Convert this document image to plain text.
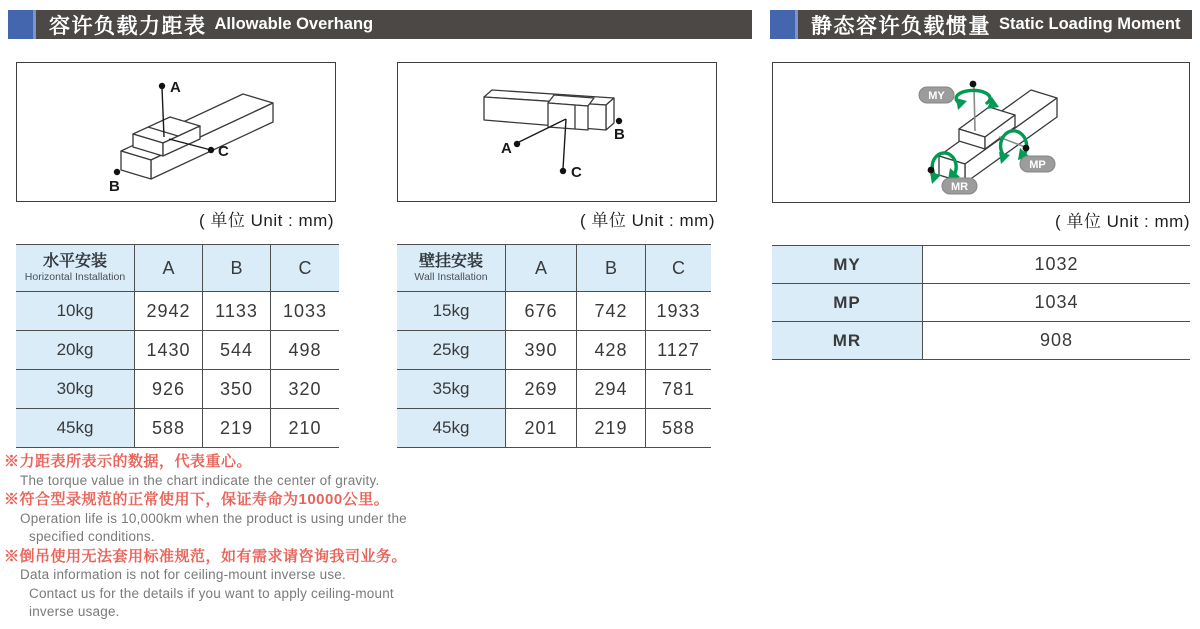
容许负载力距表 Allowable Overhang
A
C
B
( 单位 Unit : mm)
A
C
B
( 单位 Unit : mm)
水平安装
Horizontal Installation	A	B	C
10kg	2942	1133	1033
20kg	1430	544	498
30kg	926	350	320
45kg	588	219	210
壁挂安装
Wall Installation	A	B	C
15kg	676	742	1933
25kg	390	428	1127
35kg	269	294	781
45kg	201	219	588
※力距表所表示的数据，代表重心。
The torque value in the chart indicate the center of gravity.
※符合型录规范的正常使用下，保证寿命为10000公里。
Operation life is 10,000km when the product is using under the
specified conditions.
※倒吊使用无法套用标准规范，如有需求请咨询我司业务。
Data information is not for ceiling-mount inverse use.
Contact us for the details if you want to apply ceiling-mount
inverse usage.
静态容许负载惯量 Static Loading Moment
MY
MP
MR
( 单位 Unit : mm)
MY	1032
MP	1034
MR	908
